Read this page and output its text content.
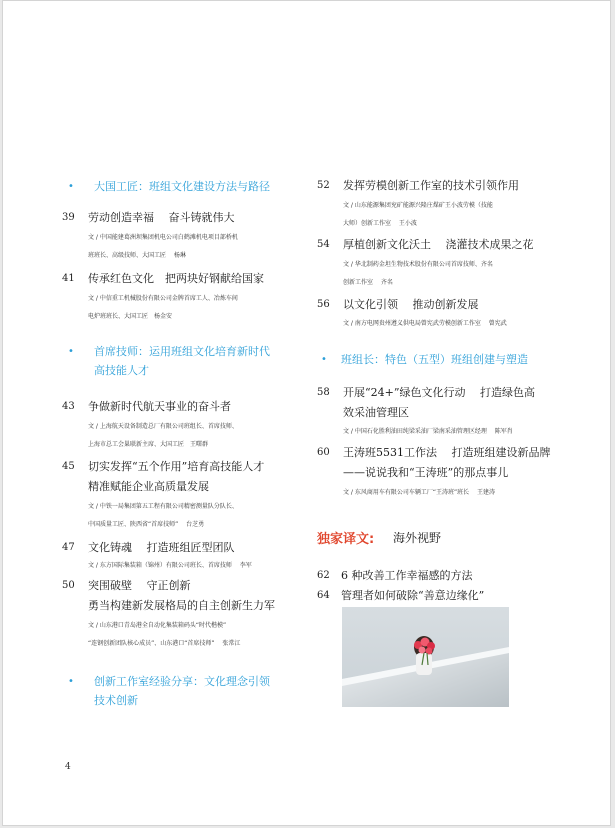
• 大国工匠：班组文化建设方法与路径
39 劳动创造幸福　 奋斗铸就伟大
文 / 中国能建葛洲坝集团机电公司白鹤滩机电项目部桥机
班班长、高级技师、大国工匠　 杨琳
41 传承红色文化　把两块好钢献给国家
文 / 中信重工机械股份有限公司金牌首席工人、冶炼车间
电炉班班长、大国工匠　杨金安
• 首席技师：运用班组文化培育新时代
高技能人才
43 争做新时代航天事业的奋斗者
文 / 上海航天设备制造总厂有限公司班组长、首席技师、
上海市总工会巢联新主席、大国工匠　王曙群
45 切实发挥“五个作用”培育高技能人才
精准赋能企业高质量发展
文 / 中铁一局集团第五工程有限公司精密测量队分队长、
中国质量工匠、陕西省“首席技师”　 台芝勇
47 文化铸魂　 打造班组匠型团队
文 / 东方国际集装箱（锦州）有限公司班长、首席技师　 李军
50 突围破壁　 守正创新
勇当构建新发展格局的自主创新生力军
文 / 山东港口青岛港全自动化集装箱码头“时代楷模”
“连钢创新团队核心成员”、山东港口“首席技师”　 张常江
• 创新工作室经验分享：文化理念引领
技术创新
52 发挥劳模创新工作室的技术引领作用
文 / 山东能源集团兖矿能源兴隆庄煤矿王小波劳模（技能
大师）创新工作室　 王小波
54 厚植创新文化沃土　 浇灌技术成果之花
文 / 华北制药金坦生物技术股份有限公司首席技师、齐名
创新工作室　 齐名
56 以文化引领　 推动创新发展
文 / 南方电网贵州遵义供电局曾宪武劳模创新工作室　 曾宪武
• 班组长：特色（五型）班组创建与塑造
58 开展“24+”绿色文化行动　 打造绿色高
效采油管理区
文 / 中国石化胜利油田纯梁采油厂梁南采油管理区经理　 陈军肖
60 王涛班5531工作法　 打造班组建设新品牌
——说说我和“王涛班”的那点事儿
文 / 东风商用车有限公司车辆工厂“王涛班”班长　 王建涛
独家译文: 海外视野
62 6 种改善工作幸福感的方法
64 管理者如何破除“善意边缘化”
4
